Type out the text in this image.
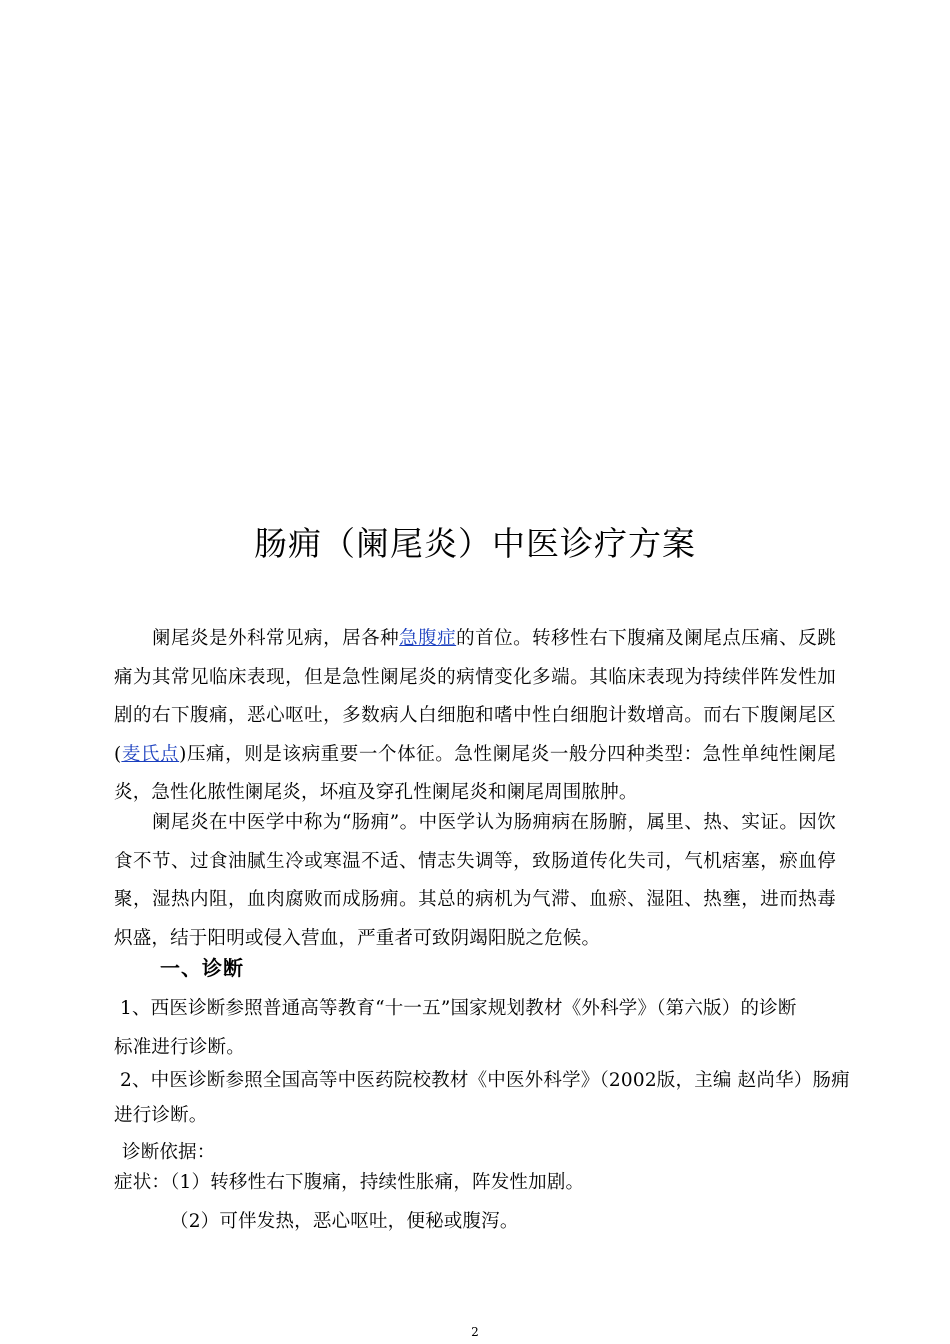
肠痈（阑尾炎）中医诊疗方案

阑尾炎是外科常见病，居各种急腹症的首位。转移性右下腹痛及阑尾点压痛、反跳痛为其常见临床表现，但是急性阑尾炎的病情变化多端。其临床表现为持续伴阵发性加剧的右下腹痛，恶心呕吐，多数病人白细胞和嗜中性白细胞计数增高。而右下腹阑尾区(麦氏点)压痛，则是该病重要一个体征。急性阑尾炎一般分四种类型：急性单纯性阑尾炎，急性化脓性阑尾炎，坏疽及穿孔性阑尾炎和阑尾周围脓肿。

阑尾炎在中医学中称为“肠痈”。中医学认为肠痈病在肠腑，属里、热、实证。因饮食不节、过食油腻生冷或寒温不适、情志失调等，致肠道传化失司，气机痞塞，瘀血停聚，湿热内阻，血肉腐败而成肠痈。其总的病机为气滞、血瘀、湿阻、热壅，进而热毒炽盛，结于阳明或侵入营血，严重者可致阴竭阳脱之危候。

一、诊断
1、西医诊断参照普通高等教育“十一五”国家规划教材《外科学》（第六版）的诊断
标准进行诊断。
2、中医诊断参照全国高等中医药院校教材《中医外科学》（2002版，主编 赵尚华）肠痈
进行诊断。
诊断依据：
症状：（1）转移性右下腹痛，持续性胀痛，阵发性加剧。
（2）可伴发热，恶心呕吐，便秘或腹泻。
2
